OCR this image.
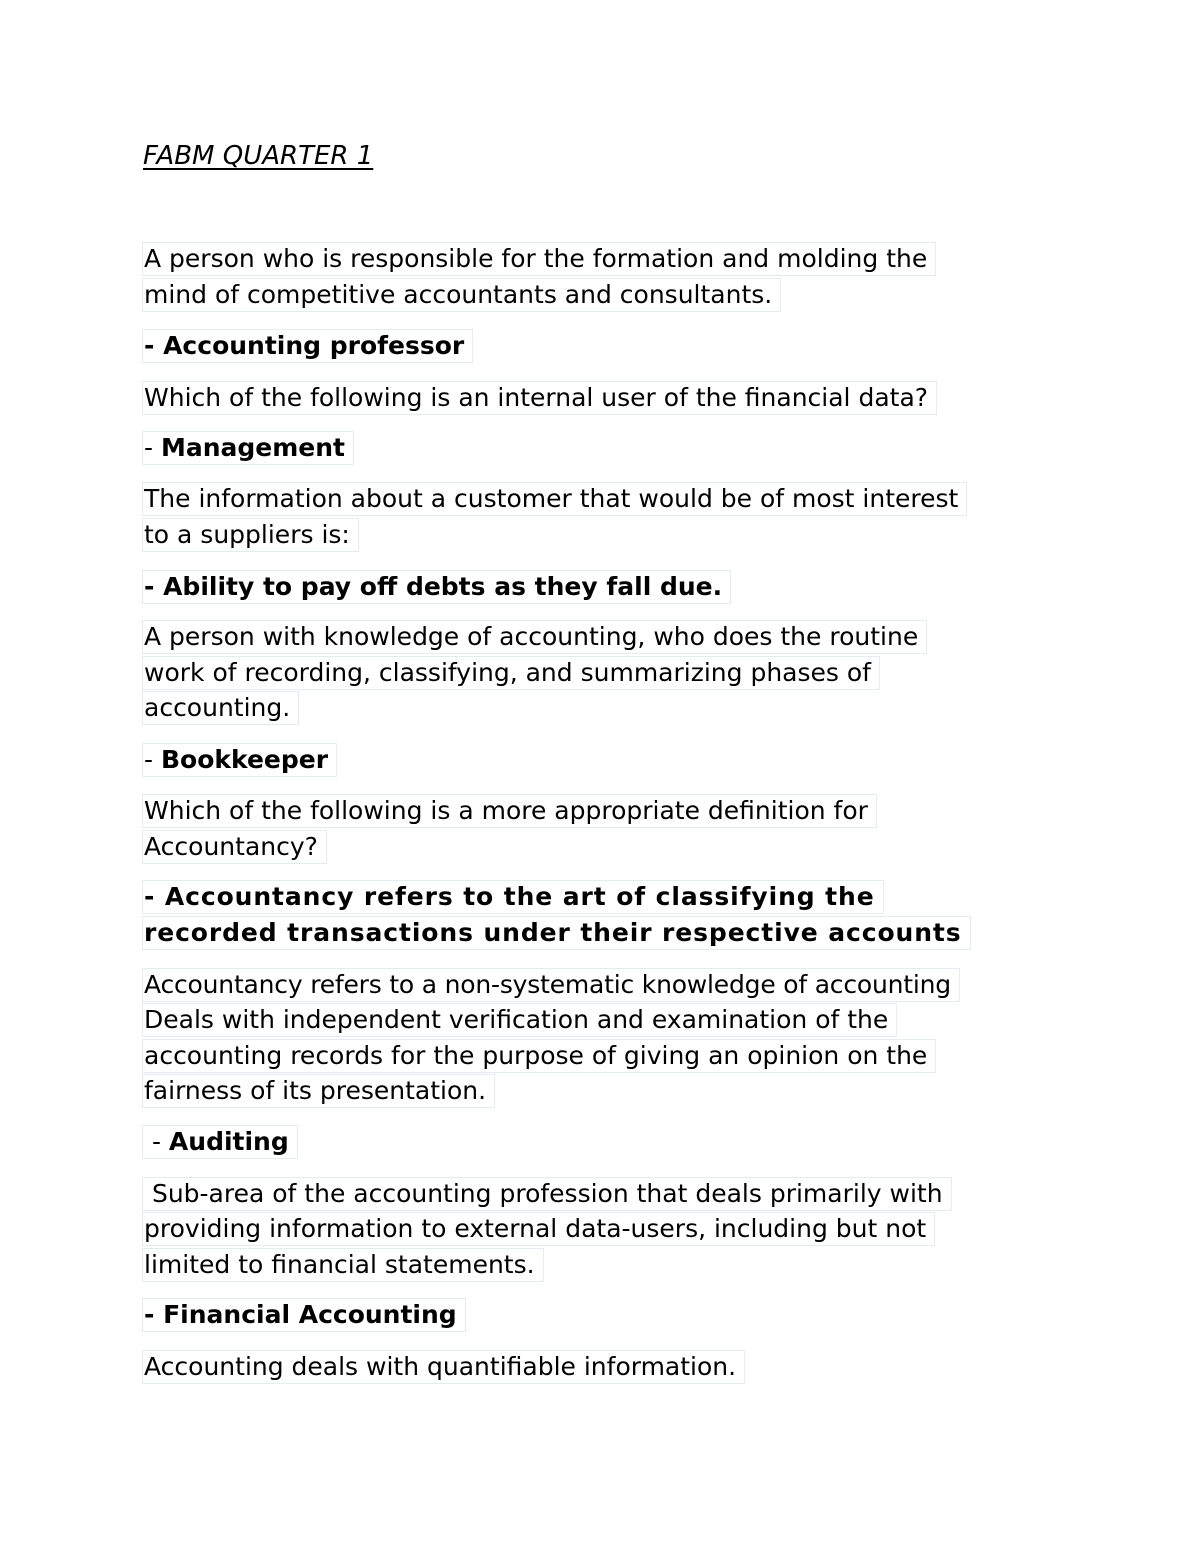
FABM QUARTER 1
A person who is responsible for the formation and molding the
mind of competitive accountants and consultants.
- Accounting professor
Which of the following is an internal user of the financial data?
- Management
The information about a customer that would be of most interest
to a suppliers is:
- Ability to pay off debts as they fall due.
A person with knowledge of accounting, who does the routine
work of recording, classifying, and summarizing phases of
accounting.
- Bookkeeper
Which of the following is a more appropriate definition for
Accountancy?
- Accountancy refers to the art of classifying the
recorded transactions under their respective accounts
Accountancy refers to a non-systematic knowledge of accounting
Deals with independent verification and examination of the
accounting records for the purpose of giving an opinion on the
fairness of its presentation.
- Auditing
Sub-area of the accounting profession that deals primarily with
providing information to external data-users, including but not
limited to financial statements.
- Financial Accounting
Accounting deals with quantifiable information.
